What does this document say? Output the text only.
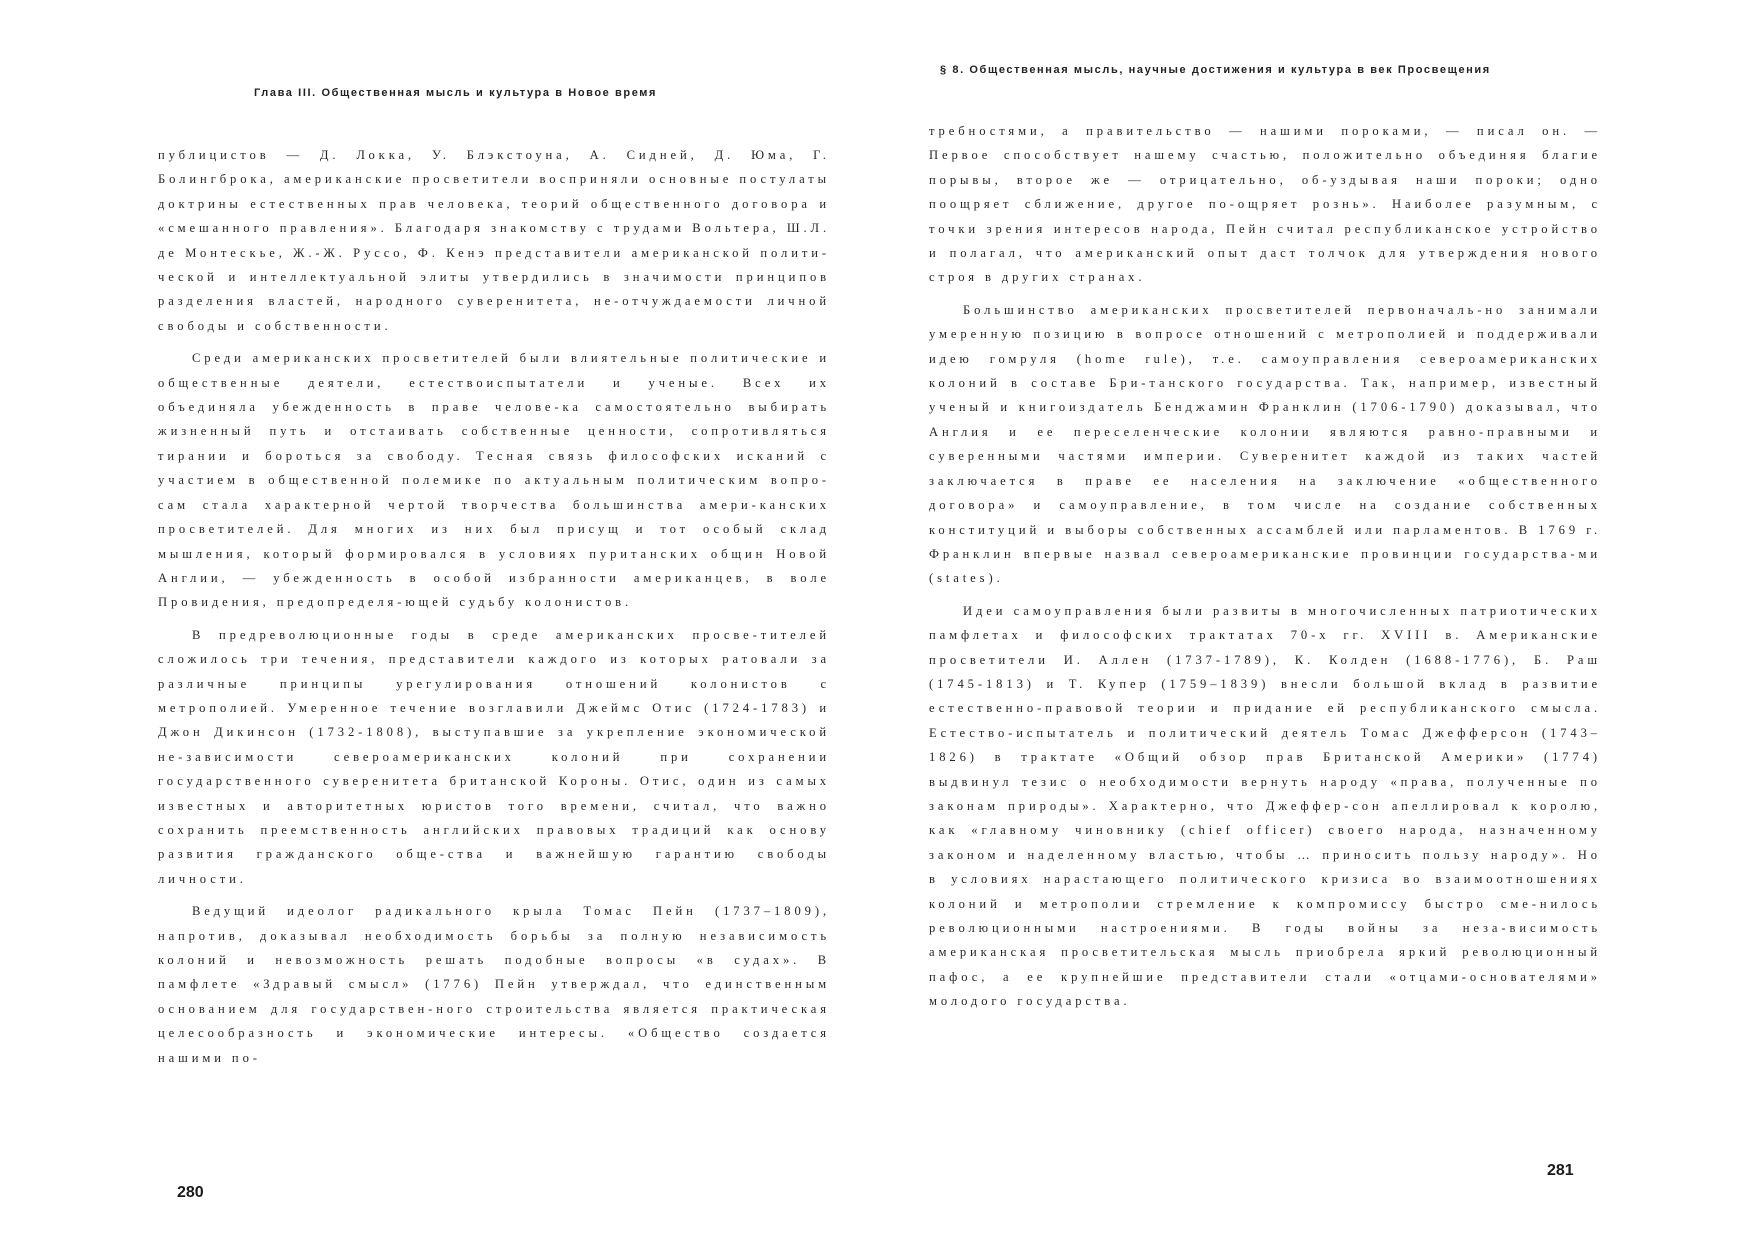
Глава III. Общественная мысль и культура в Новое время

публицистов — Д. Локка, У. Блэкстоуна, А. Сидней, Д. Юма, Г. Болингброка, американские просветители восприняли основные постулаты доктрины естественных прав человека, теорий общественного договора и «смешанного правления». Благодаря знакомству с трудами Вольтера, Ш.Л. де Монтескье, Ж.-Ж. Руссо, Ф. Кенэ представители американской полити-ческой и интеллектуальной элиты утвердились в значимости принципов разделения властей, народного суверенитета, не-отчуждаемости личной свободы и собственности.

Среди американских просветителей были влиятельные политические и общественные деятели, естествоиспытатели и ученые. Всех их объединяла убежденность в праве челове-ка самостоятельно выбирать жизненный путь и отстаивать собственные ценности, сопротивляться тирании и бороться за свободу. Тесная связь философских исканий с участием в общественной полемике по актуальным политическим вопро-сам стала характерной чертой творчества большинства амери-канских просветителей. Для многих из них был присущ и тот особый склад мышления, который формировался в условиях пуританских общин Новой Англии, — убежденность в особой избранности американцев, в воле Провидения, предопределя-ющей судьбу колонистов.

В предреволюционные годы в среде американских просве-тителей сложилось три течения, представители каждого из которых ратовали за различные принципы урегулирования отношений колонистов с метрополией. Умеренное течение возглавили Джеймс Отис (1724-1783) и Джон Дикинсон (1732-1808), выступавшие за укрепление экономической не-зависимости североамериканских колоний при сохранении государственного суверенитета британской Короны. Отис, один из самых известных и авторитетных юристов того времени, считал, что важно сохранить преемственность английских правовых традиций как основу развития гражданского обще-ства и важнейшую гарантию свободы личности.

Ведущий идеолог радикального крыла Томас Пейн (1737–1809), напротив, доказывал необходимость борьбы за полную независимость колоний и невозможность решать подобные вопросы «в судах». В памфлете «Здравый смысл» (1776) Пейн утверждал, что единственным основанием для государствен-ного строительства является практическая целесообразность и экономические интересы. «Общество создается нашими по-

280
§ 8. Общественная мысль, научные достижения и культура в век Просвещения

требностями, а правительство — нашими пороками, — писал он. — Первое способствует нашему счастью, положительно объединяя благие порывы, второе же — отрицательно, об-уздывая наши пороки; одно поощряет сближение, другое по-ощряет рознь». Наиболее разумным, с точки зрения интересов народа, Пейн считал республиканское устройство и полагал, что американский опыт даст толчок для утверждения нового строя в других странах.

Большинство американских просветителей первоначаль-но занимали умеренную позицию в вопросе отношений с метрополией и поддерживали идею гомруля (home rule), т.е. самоуправления североамериканских колоний в составе Бри-танского государства. Так, например, известный ученый и книгоиздатель Бенджамин Франклин (1706-1790) доказывал, что Англия и ее переселенческие колонии являются равно-правными и суверенными частями империи. Суверенитет каждой из таких частей заключается в праве ее населения на заключение «общественного договора» и самоуправление, в том числе на создание собственных конституций и выборы собственных ассамблей или парламентов. В 1769 г. Франклин впервые назвал североамериканские провинции государства-ми (states).

Идеи самоуправления были развиты в многочисленных патриотических памфлетах и философских трактатах 70-х гг. XVIII в. Американские просветители И. Аллен (1737-1789), К. Колден (1688-1776), Б. Раш (1745-1813) и Т. Купер (1759–1839) внесли большой вклад в развитие естественно-правовой теории и придание ей республиканского смысла. Естество-испытатель и политический деятель Томас Джефферсон (1743–1826) в трактате «Общий обзор прав Британской Америки» (1774) выдвинул тезис о необходимости вернуть народу «права, полученные по законам природы». Характерно, что Джеффер-сон апеллировал к королю, как «главному чиновнику (chief officer) своего народа, назначенному законом и наделенному властью, чтобы … приносить пользу народу». Но в условиях нарастающего политического кризиса во взаимоотношениях колоний и метрополии стремление к компромиссу быстро сме-нилось революционными настроениями. В годы войны за неза-висимость американская просветительская мысль приобрела яркий революционный пафос, а ее крупнейшие представители стали «отцами-основателями» молодого государства.

281
